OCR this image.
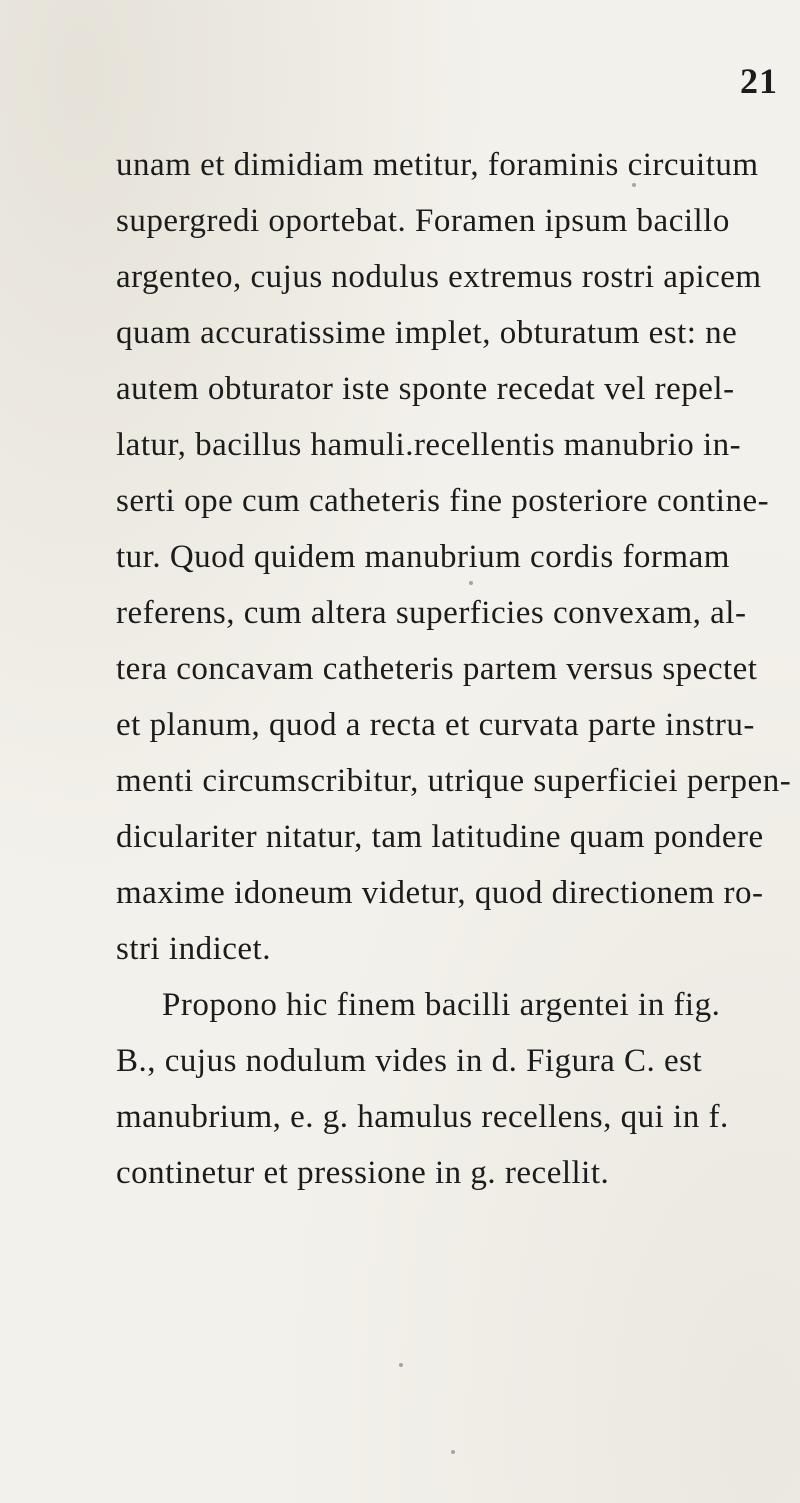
21
unam et dimidiam metitur, foraminis circuitum
supergredi oportebat. Foramen ipsum bacillo
argenteo, cujus nodulus extremus rostri apicem
quam accuratissime implet, obturatum est: ne
autem obturator iste sponte recedat vel repel-
latur, bacillus hamuli.recellentis manubrio in-
serti ope cum catheteris fine posteriore contine-
tur. Quod quidem manubrium cordis formam
referens, cum altera superficies convexam, al-
tera concavam catheteris partem versus spectet
et planum, quod a recta et curvata parte instru-
menti circumscribitur, utrique superficiei perpen-
diculariter nitatur, tam latitudine quam pondere
maxime idoneum videtur, quod directionem ro-
stri indicet.
Propono hic finem bacilli argentei in fig.
B., cujus nodulum vides in d. Figura C. est
manubrium, e. g. hamulus recellens, qui in f.
continetur et pressione in g. recellit.
